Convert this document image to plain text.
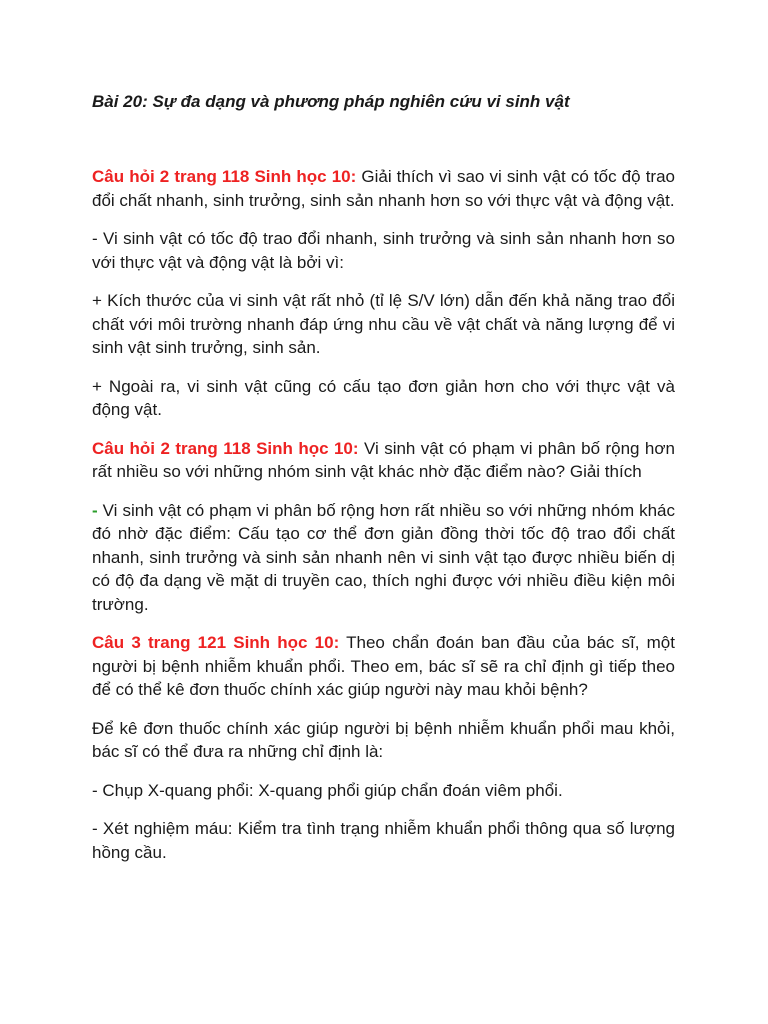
Bài 20: Sự đa dạng và phương pháp nghiên cứu vi sinh vật

Câu hỏi 2 trang 118 Sinh học 10: Giải thích vì sao vi sinh vật có tốc độ trao đổi chất nhanh, sinh trưởng, sinh sản nhanh hơn so với thực vật và động vật.

- Vi sinh vật có tốc độ trao đổi nhanh, sinh trưởng và sinh sản nhanh hơn so với thực vật và động vật là bởi vì:

+ Kích thước của vi sinh vật rất nhỏ (tỉ lệ S/V lớn) dẫn đến khả năng trao đổi chất với môi trường nhanh đáp ứng nhu cầu về vật chất và năng lượng để vi sinh vật sinh trưởng, sinh sản.

+ Ngoài ra, vi sinh vật cũng có cấu tạo đơn giản hơn cho với thực vật và động vật.

Câu hỏi 2 trang 118 Sinh học 10: Vi sinh vật có phạm vi phân bố rộng hơn rất nhiều so với những nhóm sinh vật khác nhờ đặc điểm nào? Giải thích

- Vi sinh vật có phạm vi phân bố rộng hơn rất nhiều so với những nhóm khác đó nhờ đặc điểm: Cấu tạo cơ thể đơn giản đồng thời tốc độ trao đổi chất nhanh, sinh trưởng và sinh sản nhanh nên vi sinh vật tạo được nhiều biến dị có độ đa dạng về mặt di truyền cao, thích nghi được với nhiều điều kiện môi trường.

Câu 3 trang 121 Sinh học 10: Theo chẩn đoán ban đầu của bác sĩ, một người bị bệnh nhiễm khuẩn phổi. Theo em, bác sĩ sẽ ra chỉ định gì tiếp theo để có thể kê đơn thuốc chính xác giúp người này mau khỏi bệnh?

Để kê đơn thuốc chính xác giúp người bị bệnh nhiễm khuẩn phổi mau khỏi, bác sĩ có thể đưa ra những chỉ định là:

- Chụp X-quang phổi: X-quang phổi giúp chẩn đoán viêm phổi.

- Xét nghiệm máu: Kiểm tra tình trạng nhiễm khuẩn phổi thông qua số lượng hồng cầu.
